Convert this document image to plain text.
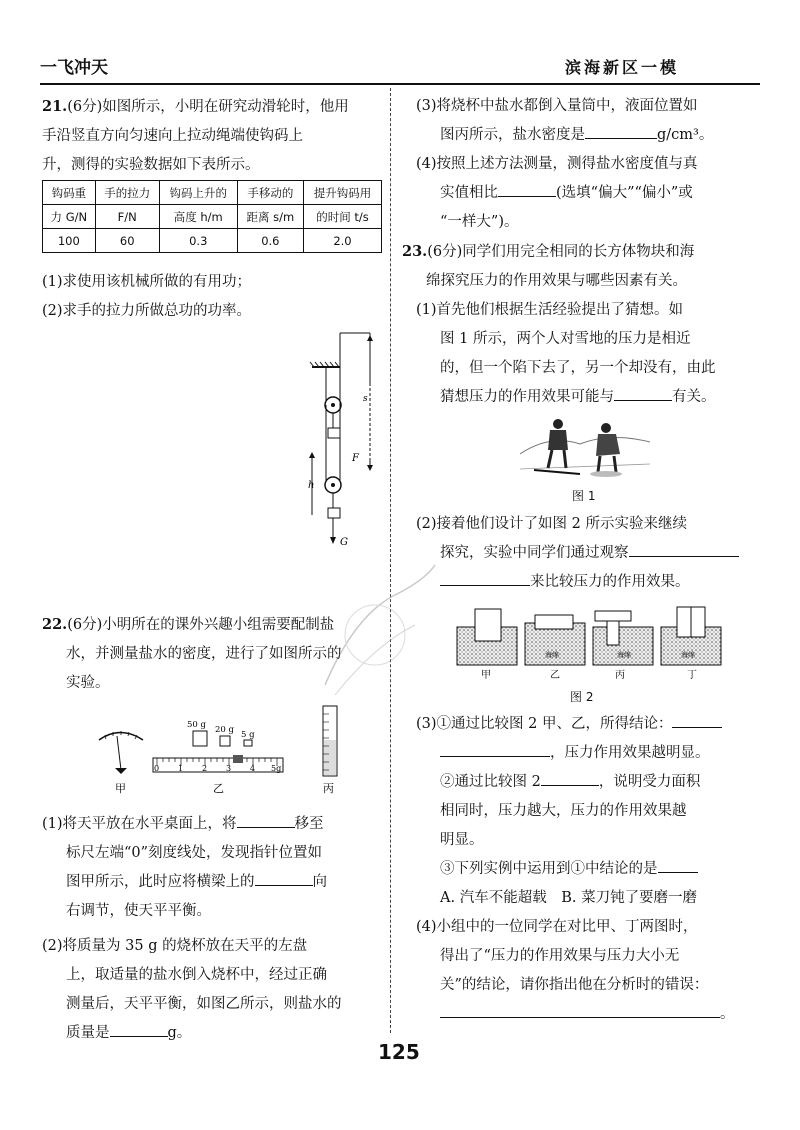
一飞冲天	滨海新区一模
21.(6分)如图所示，小明在研究动滑轮时，他用
手沿竖直方向匀速向上拉动绳端使钩码上
升，测得的实验数据如下表所示。
钩码重	手的拉力	钩码上升的	手移动的	提升钩码用
力 G/N	F/N	高度 h/m	距离 s/m	的时间 t/s
100	60	0.3	0.6	2.0
(1)求使用该机械所做的有用功；
(2)求手的拉力所做总功的功率。
s
F
h
G
22.(6分)小明所在的课外兴趣小组需要配制盐
水，并测量盐水的密度，进行了如图所示的
实验。
甲
50 g 20 g 5 g
0 1 2 3 4 5g
乙	丙
(1)将天平放在水平桌面上，将	移至
标尺左端“0”刻度线处，发现指针位置如
图甲所示，此时应将横梁上的	向
右调节，使天平平衡。
(2)将质量为 35 g 的烧杯放在天平的左盘
上，取适量的盐水倒入烧杯中，经过正确
测量后，天平平衡，如图乙所示，则盐水的
质量是	g。
(3)将烧杯中盐水都倒入量筒中，液面位置如
图丙所示，盐水密度是	g/cm³。
(4)按照上述方法测量，测得盐水密度值与真
实值相比	(选填“偏大”“偏小”或
“一样大”)。
23.(6分)同学们用完全相同的长方体物块和海
绵探究压力的作用效果与哪些因素有关。
(1)首先他们根据生活经验提出了猜想。如
图 1 所示，两个人对雪地的压力是相近
的，但一个陷下去了，另一个却没有，由此
猜想压力的作用效果可能与	有关。
图 1
(2)接着他们设计了如图 2 所示实验来继续
探究，实验中同学们通过观察
来比较压力的作用效果。
海绵	海绵	海绵
甲	乙	丙	丁
图 2
(3)①通过比较图 2 甲、乙，所得结论：
，压力作用效果越明显。
②通过比较图 2	，说明受力面积
相同时，压力越大，压力的作用效果越
明显。
③下列实例中运用到①中结论的是
A. 汽车不能超载　B. 菜刀钝了要磨一磨
(4)小组中的一位同学在对比甲、丁两图时，
得出了“压力的作用效果与压力大小无
关”的结论，请你指出他在分析时的错误：
。
125
